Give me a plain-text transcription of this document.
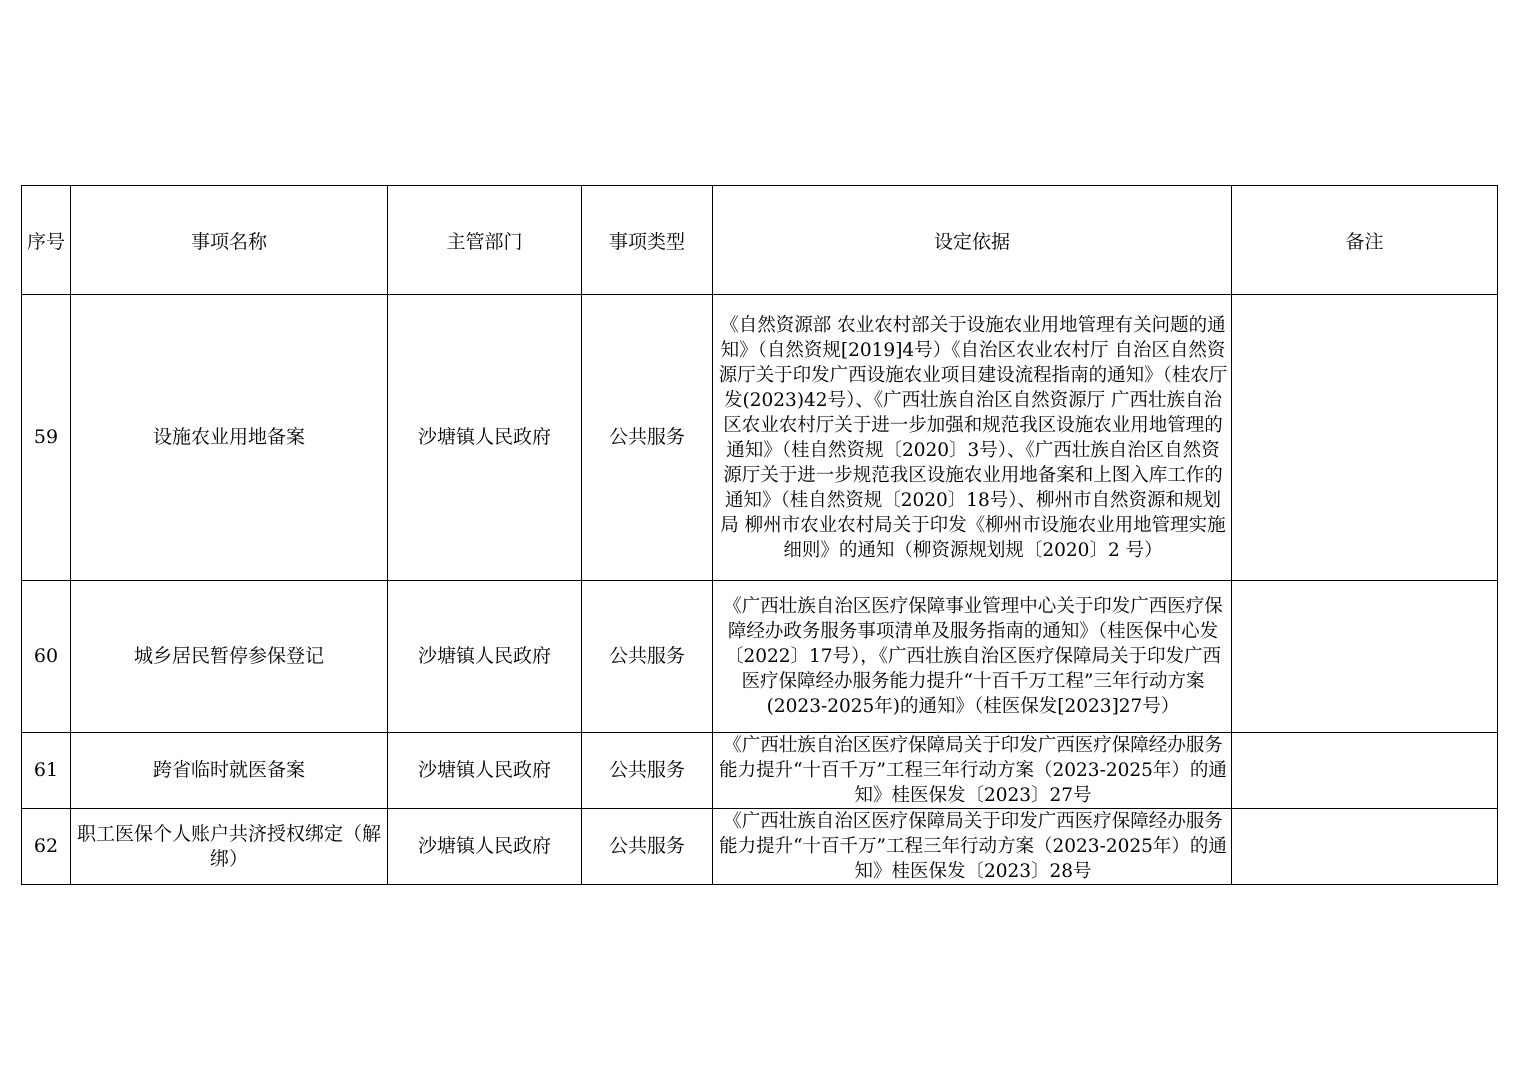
序号	事项名称	主管部门	事项类型	设定依据	备注
59	设施农业用地备案	沙塘镇人民政府	公共服务	《自然资源部 农业农村部关于设施农业用地管理有关问题的通知》（自然资规[2019]4号）《自治区农业农村厅 自治区自然资源厅关于印发广西设施农业项目建设流程指南的通知》（桂农厅发(2023)42号）、《广西壮族自治区自然资源厅 广西壮族自治区农业农村厅关于进一步加强和规范我区设施农业用地管理的通知》（桂自然资规〔2020〕3号）、《广西壮族自治区自然资源厅关于进一步规范我区设施农业用地备案和上图入库工作的通知》（桂自然资规〔2020〕18号）、柳州市自然资源和规划局 柳州市农业农村局关于印发《柳州市设施农业用地管理实施细则》的通知（柳资源规划规〔2020〕2 号）	
60	城乡居民暂停参保登记	沙塘镇人民政府	公共服务	《广西壮族自治区医疗保障事业管理中心关于印发广西医疗保障经办政务服务事项清单及服务指南的通知》（桂医保中心发〔2022〕17号），《广西壮族自治区医疗保障局关于印发广西医疗保障经办服务能力提升“十百千万工程”三年行动方案(2023-2025年)的通知》（桂医保发[2023]27号）	
61	跨省临时就医备案	沙塘镇人民政府	公共服务	《广西壮族自治区医疗保障局关于印发广西医疗保障经办服务能力提升“十百千万”工程三年行动方案（2023-2025年）的通知》桂医保发〔2023〕27号	
62	职工医保个人账户共济授权绑定（解绑）	沙塘镇人民政府	公共服务	《广西壮族自治区医疗保障局关于印发广西医疗保障经办服务能力提升“十百千万”工程三年行动方案（2023-2025年）的通知》桂医保发〔2023〕28号	
